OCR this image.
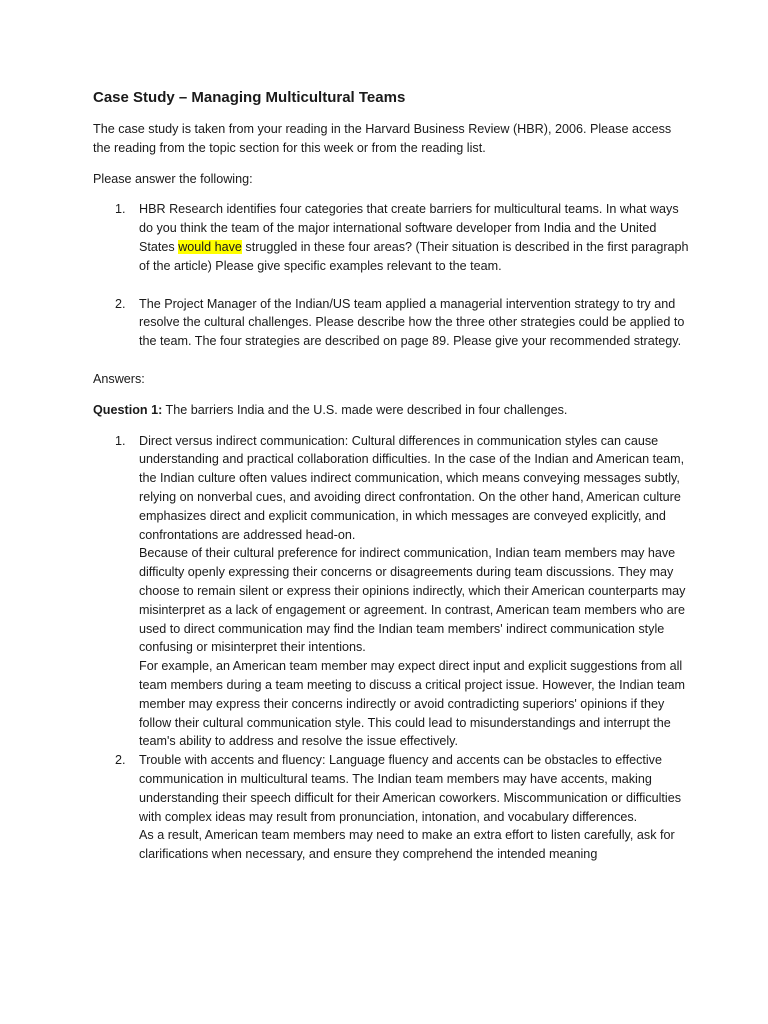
Case Study – Managing Multicultural Teams

The case study is taken from your reading in the Harvard Business Review (HBR), 2006. Please access the reading from the topic section for this week or from the reading list.

Please answer the following:

1. HBR Research identifies four categories that create barriers for multicultural teams. In what ways do you think the team of the major international software developer from India and the United States would have struggled in these four areas? (Their situation is described in the first paragraph of the article) Please give specific examples relevant to the team.
2. The Project Manager of the Indian/US team applied a managerial intervention strategy to try and resolve the cultural challenges. Please describe how the three other strategies could be applied to the team. The four strategies are described on page 89. Please give your recommended strategy.

Answers:

Question 1: The barriers India and the U.S. made were described in four challenges.

1. Direct versus indirect communication: Cultural differences in communication styles can cause understanding and practical collaboration difficulties. In the case of the Indian and American team, the Indian culture often values indirect communication, which means conveying messages subtly, relying on nonverbal cues, and avoiding direct confrontation. On the other hand, American culture emphasizes direct and explicit communication, in which messages are conveyed explicitly, and confrontations are addressed head-on.

Because of their cultural preference for indirect communication, Indian team members may have difficulty openly expressing their concerns or disagreements during team discussions. They may choose to remain silent or express their opinions indirectly, which their American counterparts may misinterpret as a lack of engagement or agreement. In contrast, American team members who are used to direct communication may find the Indian team members' indirect communication style confusing or misinterpret their intentions.

For example, an American team member may expect direct input and explicit suggestions from all team members during a team meeting to discuss a critical project issue. However, the Indian team member may express their concerns indirectly or avoid contradicting superiors' opinions if they follow their cultural communication style. This could lead to misunderstandings and interrupt the team's ability to address and resolve the issue effectively.

2. Trouble with accents and fluency: Language fluency and accents can be obstacles to effective communication in multicultural teams. The Indian team members may have accents, making understanding their speech difficult for their American coworkers. Miscommunication or difficulties with complex ideas may result from pronunciation, intonation, and vocabulary differences.

As a result, American team members may need to make an extra effort to listen carefully, ask for clarifications when necessary, and ensure they comprehend the intended meaning
